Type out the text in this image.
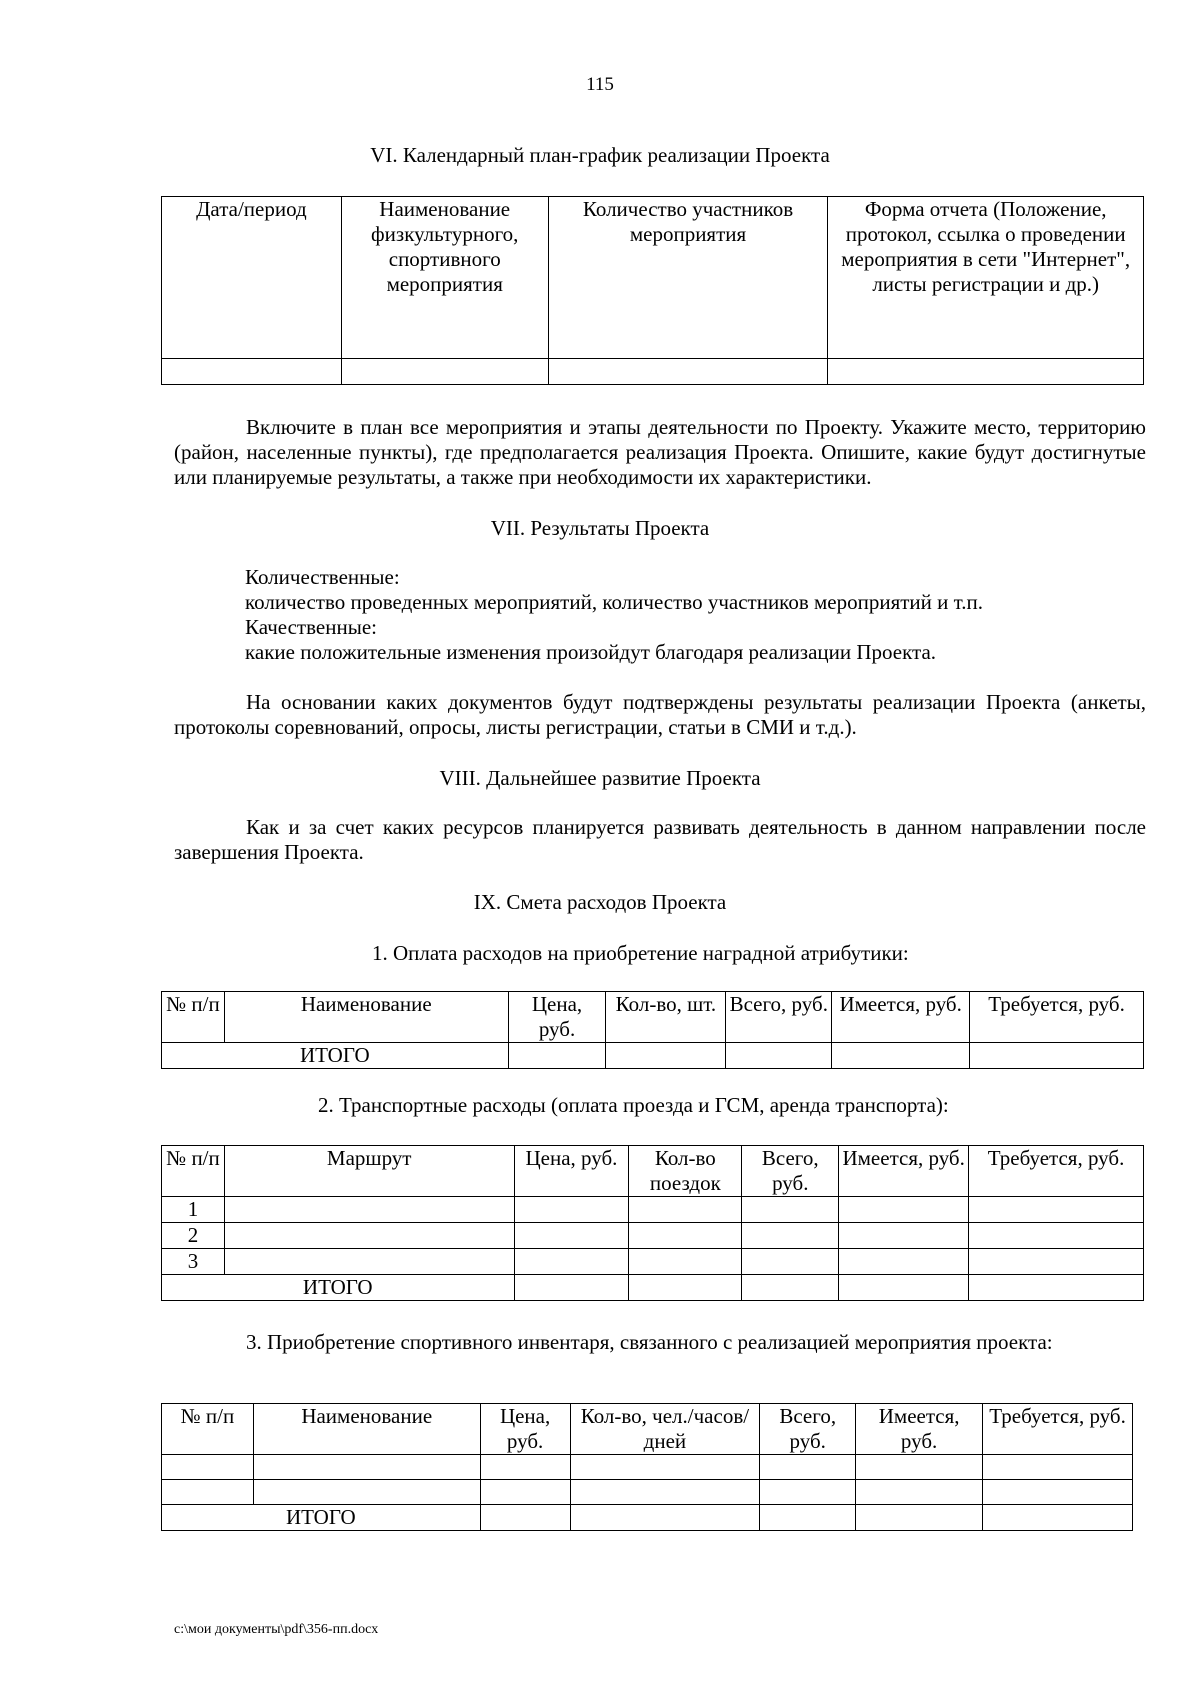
115
VI. Календарный план-график реализации Проекта
Дата/период	Наименование физкультурного, спортивного мероприятия	Количество участников мероприятия	Форма отчета (Положение, протокол, ссылка о проведении мероприятия в сети "Интернет", листы регистрации и др.)

Включите в план все мероприятия и этапы деятельности по Проекту. Укажите место, территорию (район, населенные пункты), где предполагается реализация Проекта. Опишите, какие будут достигнутые или планируемые результаты, а также при необходимости их характеристики.

VII. Результаты Проекта
Количественные:
количество проведенных мероприятий, количество участников мероприятий и т.п.
Качественные:
какие положительные изменения произойдут благодаря реализации Проекта.

На основании каких документов будут подтверждены результаты реализации Проекта (анкеты, протоколы соревнований, опросы, листы регистрации, статьи в СМИ и т.д.).

VIII. Дальнейшее развитие Проекта

Как и за счет каких ресурсов планируется развивать деятельность в данном направлении после завершения Проекта.

IX. Смета расходов Проекта
1. Оплата расходов на приобретение наградной атрибутики:
№ п/п	Наименование	Цена, руб.	Кол-во, шт.	Всего, руб.	Имеется, руб.	Требуется, руб.
ИТОГО						
2. Транспортные расходы (оплата проезда и ГСМ, аренда транспорта):
№ п/п	Маршрут	Цена, руб.	Кол-во поездок	Всего, руб.	Имеется, руб.	Требуется, руб.
1						
2						
3						
ИТОГО						

3. Приобретение спортивного инвентаря, связанного с реализацией мероприятия проекта:

№ п/п	Наименование	Цена, руб.	Кол-во, чел./часов/дней	Всего, руб.	Имеется, руб.	Требуется, руб.

ИТОГО						
c:\мои документы\pdf\356-пп.docx
